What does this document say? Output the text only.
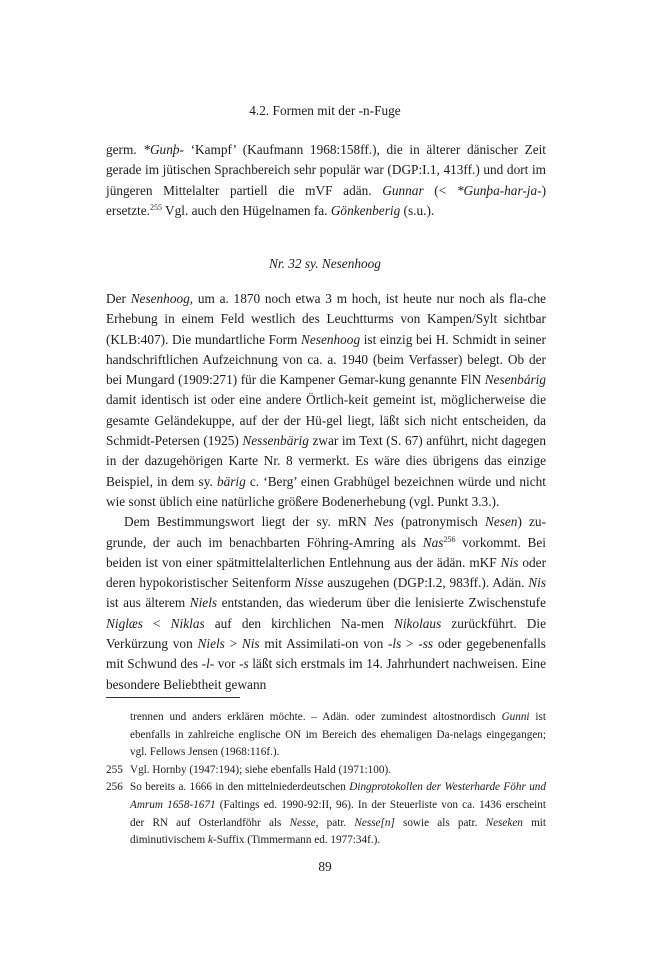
4.2. Formen mit der -n-Fuge

germ. *Gunþ- ‘Kampf’ (Kaufmann 1968:158ff.), die in älterer dänischer Zeit gerade im jütischen Sprachbereich sehr populär war (DGP:I.1, 413ff.) und dort im jüngeren Mittelalter partiell die mVF adän. Gunnar (< *Gunþa-har-ja-) ersetzte.$^{255}$ Vgl. auch den Hügelnamen fa. Gönkenberig (s.u.).

Nr. 32 sy. Nesenhoog

Der Nesenhoog, um a. 1870 noch etwa 3 m hoch, ist heute nur noch als fla-che Erhebung in einem Feld westlich des Leuchtturms von Kampen/Sylt sichtbar (KLB:407). Die mundartliche Form Nesenhoog ist einzig bei H. Schmidt in seiner handschriftlichen Aufzeichnung von ca. a. 1940 (beim Verfasser) belegt. Ob der bei Mungard (1909:271) für die Kampener Gemar-kung genannte FlN Nesenbárig damit identisch ist oder eine andere Örtlich-keit gemeint ist, möglicherweise die gesamte Geländekuppe, auf der der Hü-gel liegt, läßt sich nicht entscheiden, da Schmidt-Petersen (1925) Nessenbärig zwar im Text (S. 67) anführt, nicht dagegen in der dazugehörigen Karte Nr. 8 vermerkt. Es wäre dies übrigens das einzige Beispiel, in dem sy. bärig c. ‘Berg’ einen Grabhügel bezeichnen würde und nicht wie sonst üblich eine natürliche größere Bodenerhebung (vgl. Punkt 3.3.).

Dem Bestimmungswort liegt der sy. mRN Nes (patronymisch Nesen) zu-grunde, der auch im benachbarten Föhring-Amring als Nas$^{256}$ vorkommt. Bei beiden ist von einer spätmittelalterlichen Entlehnung aus der ädän. mKF Nis oder deren hypokoristischer Seitenform Nisse auszugehen (DGP:I.2, 983ff.). Adän. Nis ist aus älterem Niels entstanden, das wiederum über die lenisierte Zwischenstufe Niglæs < Niklas auf den kirchlichen Na-men Nikolaus zurückführt. Die Verkürzung von Niels > Nis mit Assimilati-on von -ls > -ss oder gegebenenfalls mit Schwund des -l- vor -s läßt sich erstmals im 14. Jahrhundert nachweisen. Eine besondere Beliebtheit gewann

trennen und anders erklären möchte. – Adän. oder zumindest altostnordisch Gunni ist ebenfalls in zahlreiche englische ON im Bereich des ehemaligen Da-nelags eingegangen; vgl. Fellows Jensen (1968:116f.).
255 Vgl. Hornby (1947:194); siehe ebenfalls Hald (1971:100).
256 So bereits a. 1666 in den mittelniederdeutschen Dingprotokollen der Westerharde Föhr und Amrum 1658-1671 (Faltings ed. 1990-92:II, 96). In der Steuerliste von ca. 1436 erscheint der RN auf Osterlandföhr als Nesse, patr. Nesse[n] sowie als patr. Neseken mit diminutivischem k-Suffix (Timmermann ed. 1977:34f.).
89
